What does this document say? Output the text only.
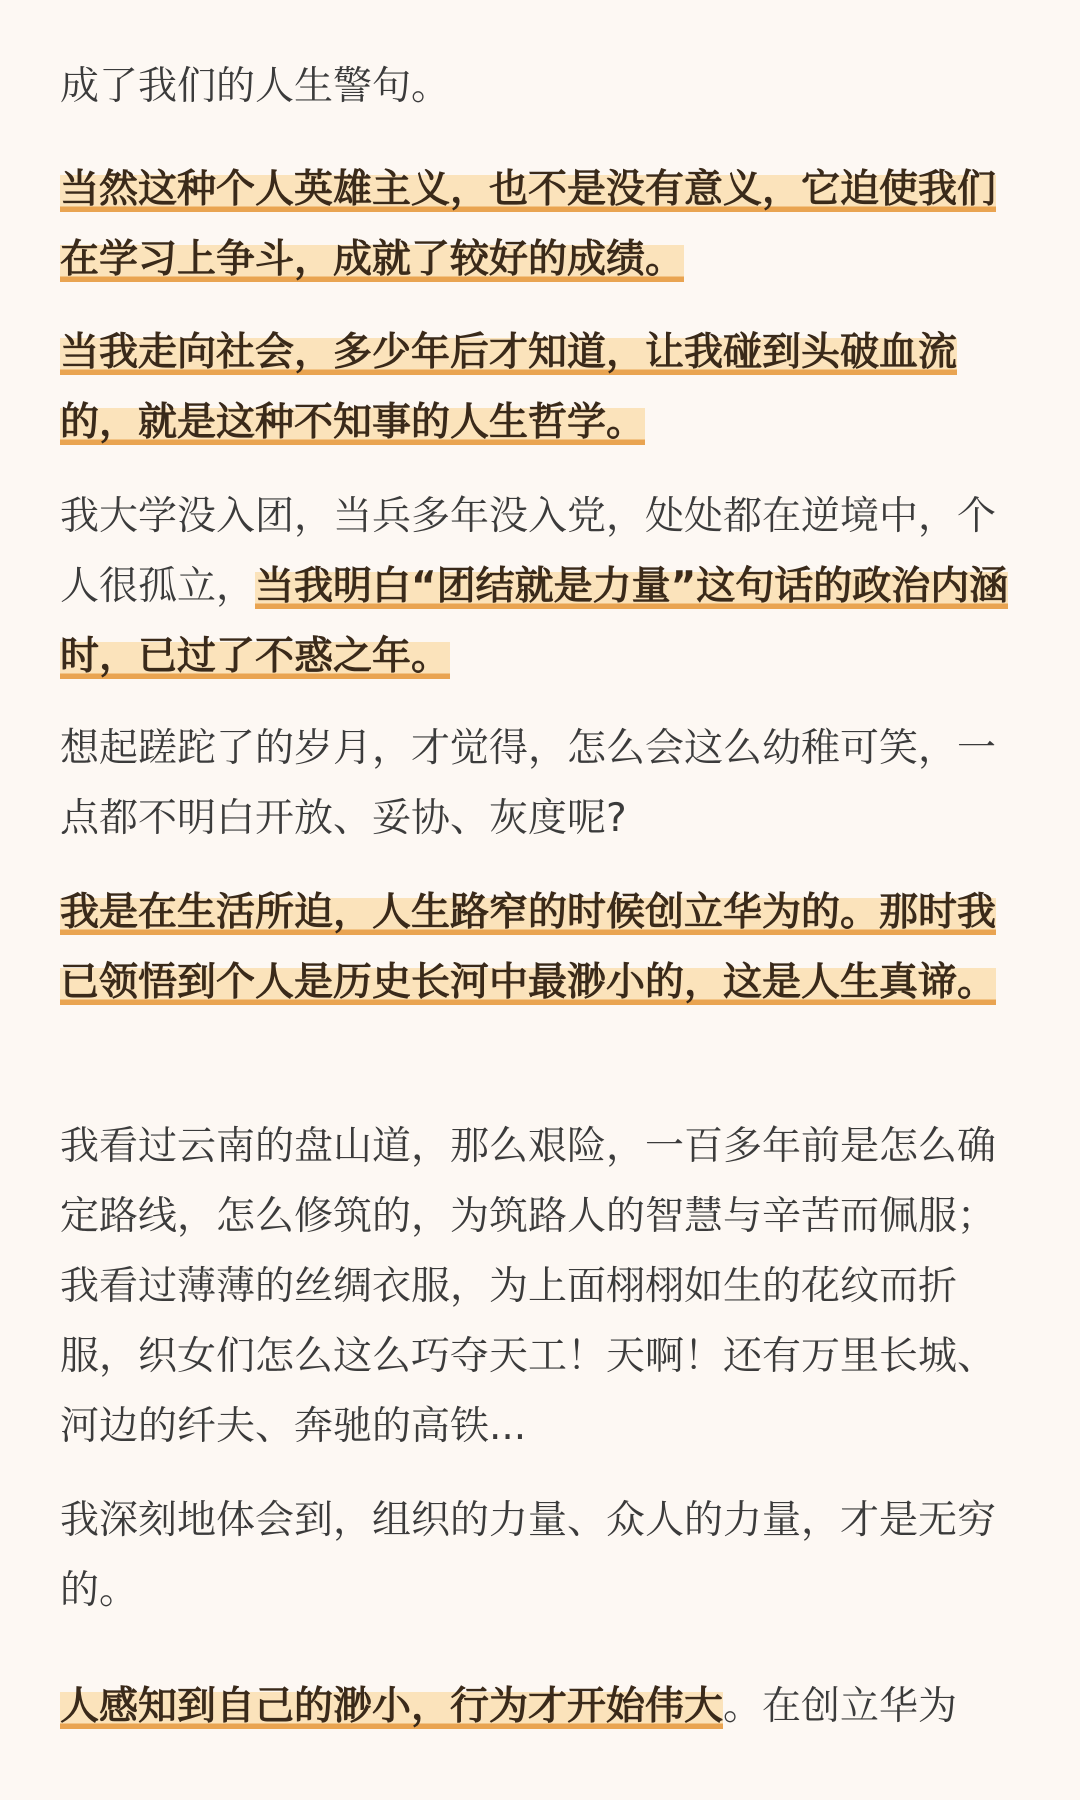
成了我们的人生警句。

当然这种个人英雄主义，也不是没有意义，它迫使我们在学习上争斗，成就了较好的成绩。

当我走向社会，多少年后才知道，让我碰到头破血流的，就是这种不知事的人生哲学。

我大学没入团，当兵多年没入党，处处都在逆境中，个人很孤立，当我明白“团结就是力量”这句话的政治内涵时，已过了不惑之年。

想起蹉跎了的岁月，才觉得，怎么会这么幼稚可笑，一点都不明白开放、妥协、灰度呢?

我是在生活所迫，人生路窄的时候创立华为的。那时我已领悟到个人是历史长河中最渺小的，这是人生真谛。

我看过云南的盘山道，那么艰险，一百多年前是怎么确定路线，怎么修筑的，为筑路人的智慧与辛苦而佩服；我看过薄薄的丝绸衣服，为上面栩栩如生的花纹而折服，织女们怎么这么巧夺天工！天啊！还有万里长城、河边的纤夫、奔驰的高铁...

我深刻地体会到，组织的力量、众人的力量，才是无穷的。

人感知到自己的渺小，行为才开始伟大。在创立华为
